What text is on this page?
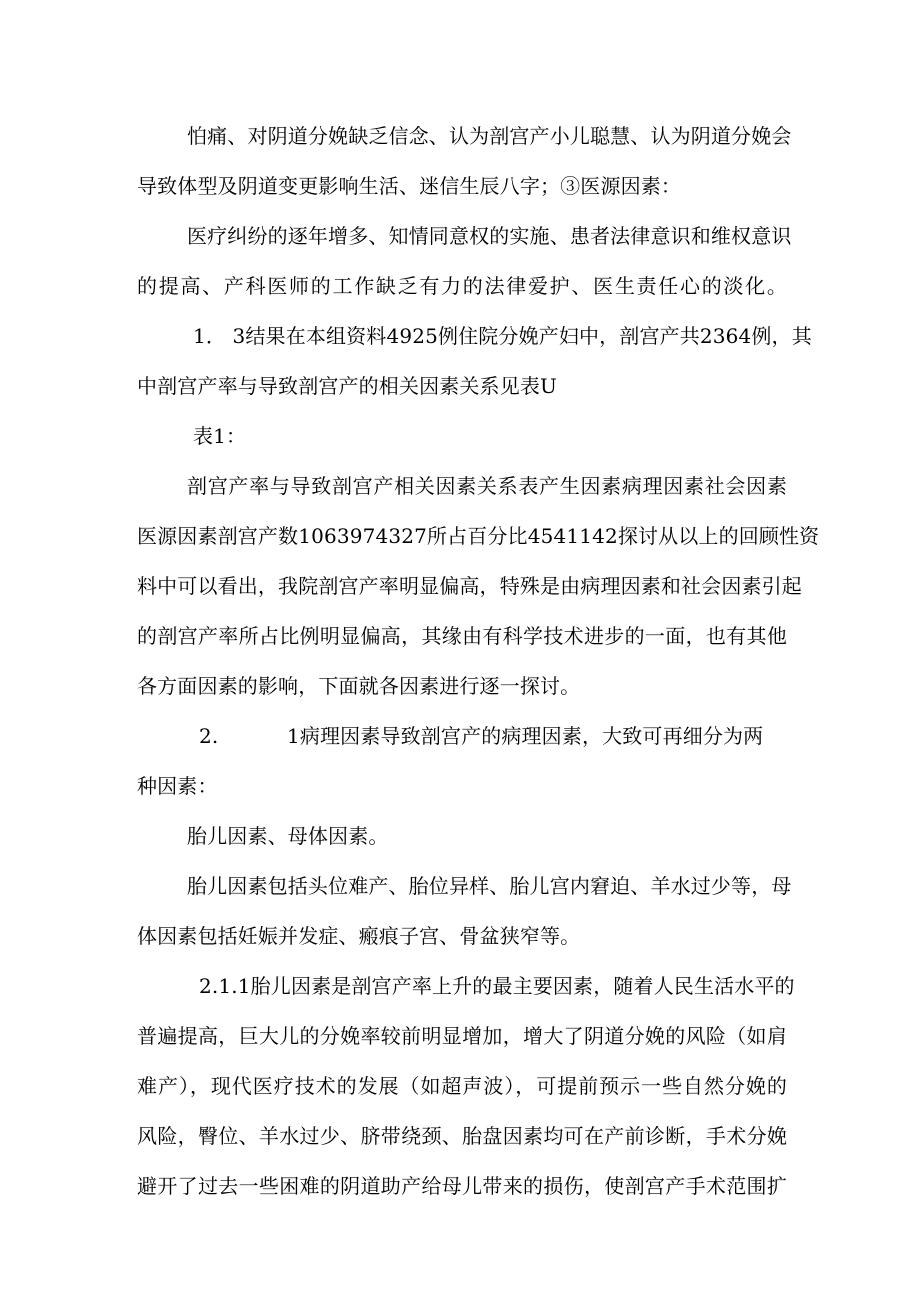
怕痛、对阴道分娩缺乏信念、认为剖宫产小儿聪慧、认为阴道分娩会
导致体型及阴道变更影响生活、迷信生辰八字；③医源因素：
医疗纠纷的逐年增多、知情同意权的实施、患者法律意识和维权意识
的提高、产科医师的工作缺乏有力的法律爱护、医生责任心的淡化。
1． 3结果在本组资料4925例住院分娩产妇中，剖宫产共2364例，其
中剖宫产率与导致剖宫产的相关因素关系见表U
表1：
剖宫产率与导致剖宫产相关因素关系表产生因素病理因素社会因素
医源因素剖宫产数1063974327所占百分比4541142探讨从以上的回顾性资
料中可以看出，我院剖宫产率明显偏高，特殊是由病理因素和社会因素引起
的剖宫产率所占比例明显偏高，其缘由有科学技术进步的一面，也有其他
各方面因素的影响，下面就各因素进行逐一探讨。
2.	1病理因素导致剖宫产的病理因素，大致可再细分为两
种因素：
胎儿因素、母体因素。
胎儿因素包括头位难产、胎位异样、胎儿宫内窘迫、羊水过少等，母
体因素包括妊娠并发症、瘢痕子宫、骨盆狭窄等。
2.1.1胎儿因素是剖宫产率上升的最主要因素，随着人民生活水平的
普遍提高，巨大儿的分娩率较前明显增加，增大了阴道分娩的风险（如肩
难产），现代医疗技术的发展（如超声波），可提前预示一些自然分娩的
风险，臀位、羊水过少、脐带绕颈、胎盘因素均可在产前诊断，手术分娩
避开了过去一些困难的阴道助产给母儿带来的损伤，使剖宫产手术范围扩
